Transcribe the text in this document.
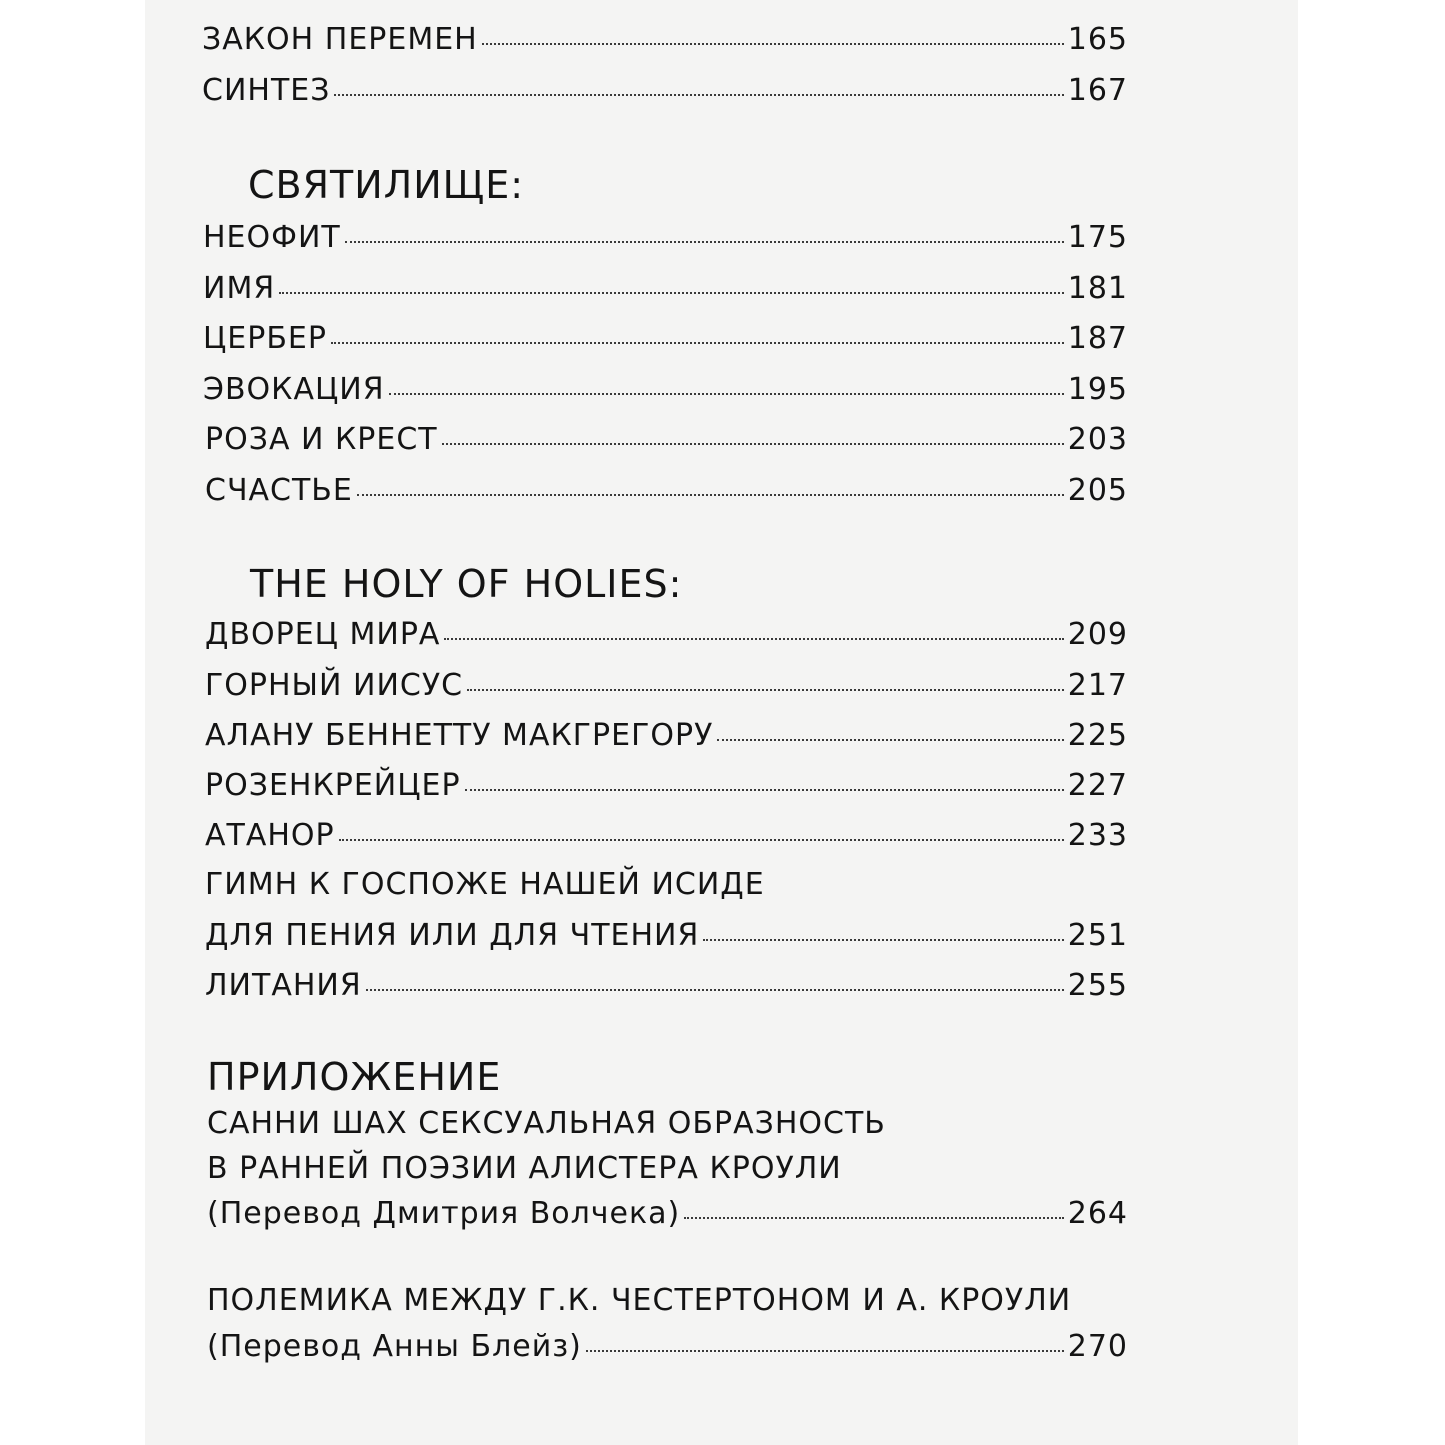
ЗАКОН ПЕРЕМЕН	165
СИНТЕЗ	167
СВЯТИЛИЩЕ:
НЕОФИТ	175
ИМЯ	181
ЦЕРБЕР	187
ЭВОКАЦИЯ	195
РОЗА И КРЕСТ	203
СЧАСТЬЕ	205
THE HOLY OF HOLIES:
ДВОРЕЦ МИРА	209
ГОРНЫЙ ИИСУС	217
АЛАНУ БЕННЕТТУ МАКГРЕГОРУ	225
РОЗЕНКРЕЙЦЕР	227
АТАНОР	233
ГИМН К ГОСПОЖЕ НАШЕЙ ИСИДЕ
ДЛЯ ПЕНИЯ ИЛИ ДЛЯ ЧТЕНИЯ	251
ЛИТАНИЯ	255
ПРИЛОЖЕНИЕ
САННИ ШАХ СЕКСУАЛЬНАЯ ОБРАЗНОСТЬ
В РАННЕЙ ПОЭЗИИ АЛИСТЕРА КРОУЛИ
(Перевод Дмитрия Волчека)	264
ПОЛЕМИКА МЕЖДУ Г.К. ЧЕСТЕРТОНОМ И А. КРОУЛИ
(Перевод Анны Блейз)	270
